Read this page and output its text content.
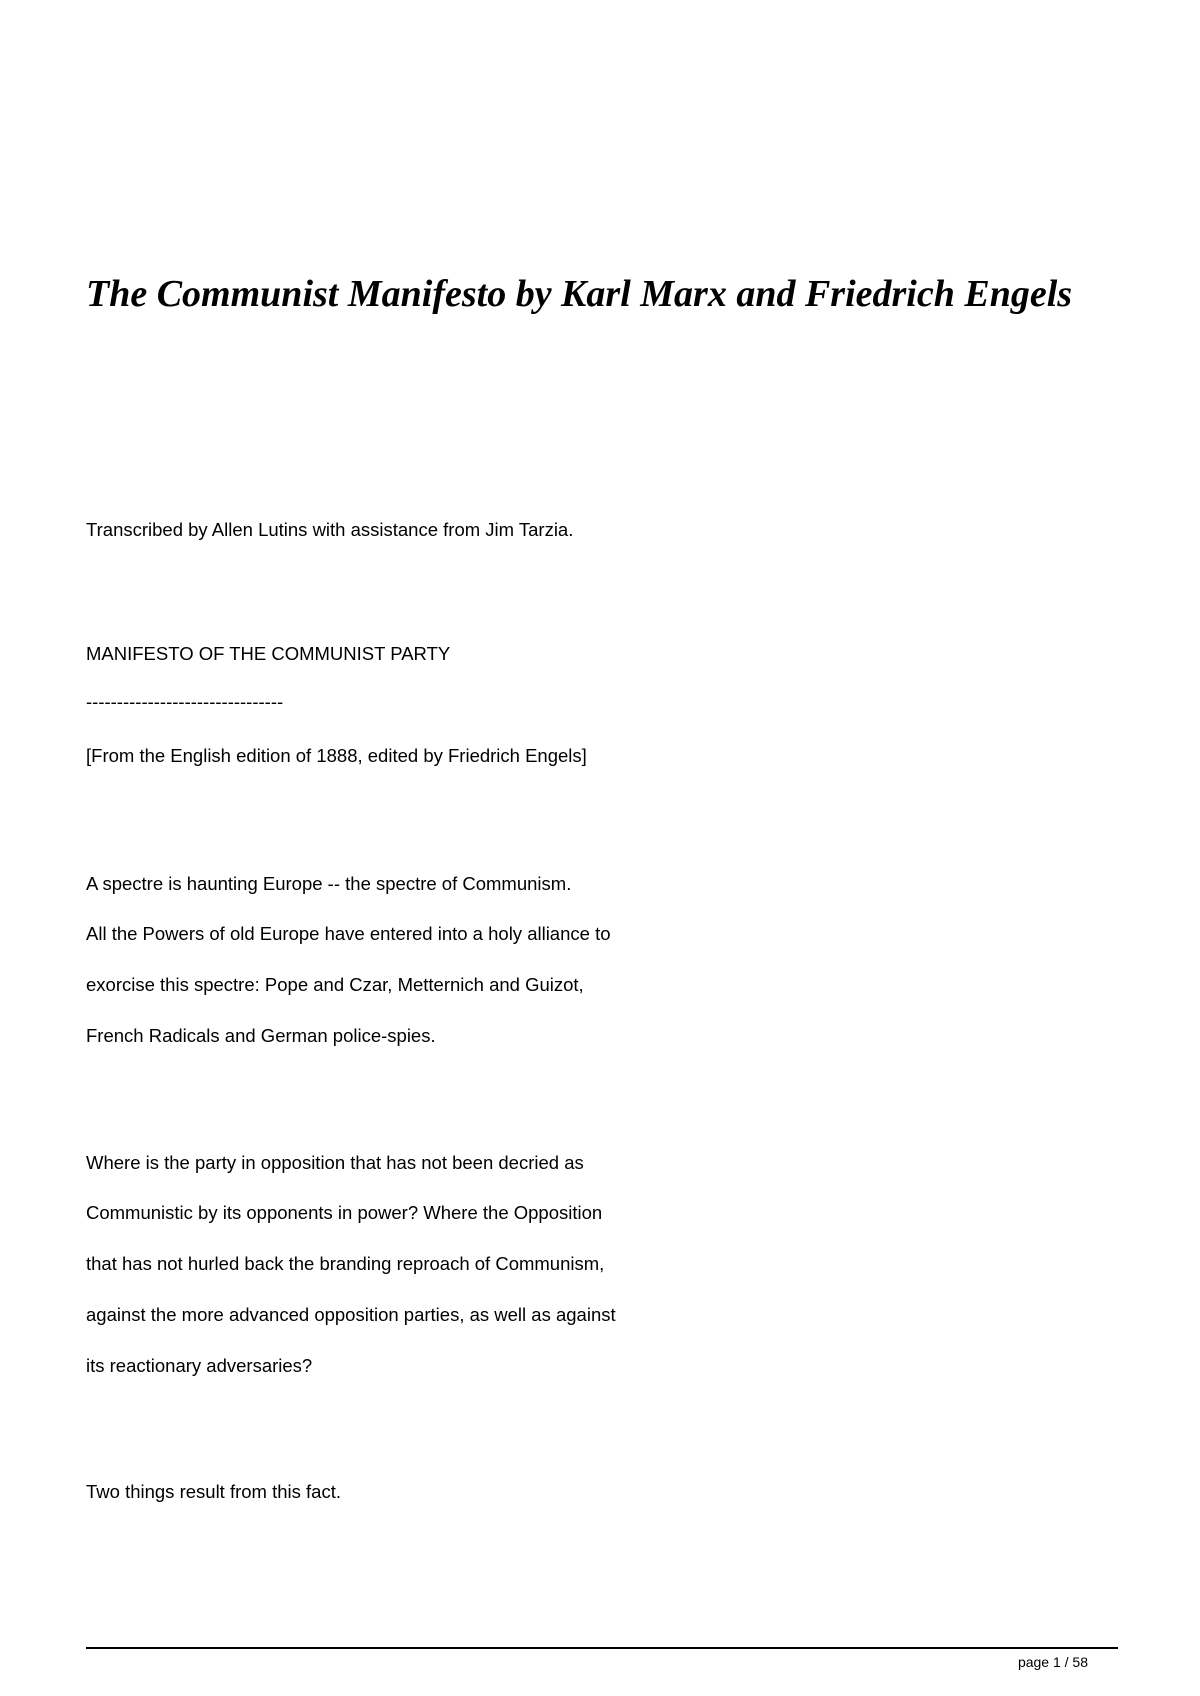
The Communist Manifesto by Karl Marx and Friedrich Engels

Transcribed by Allen Lutins with assistance from Jim Tarzia.

MANIFESTO OF THE COMMUNIST PARTY

--------------------------------

[From the English edition of 1888, edited by Friedrich Engels]

A spectre is haunting Europe -- the spectre of Communism.

All the Powers of old Europe have entered into a holy alliance to

exorcise this spectre: Pope and Czar, Metternich and Guizot,

French Radicals and German police-spies.

Where is the party in opposition that has not been decried as

Communistic by its opponents in power? Where the Opposition

that has not hurled back the branding reproach of Communism,

against the more advanced opposition parties, as well as against

its reactionary adversaries?

Two things result from this fact.

page 1 / 58
